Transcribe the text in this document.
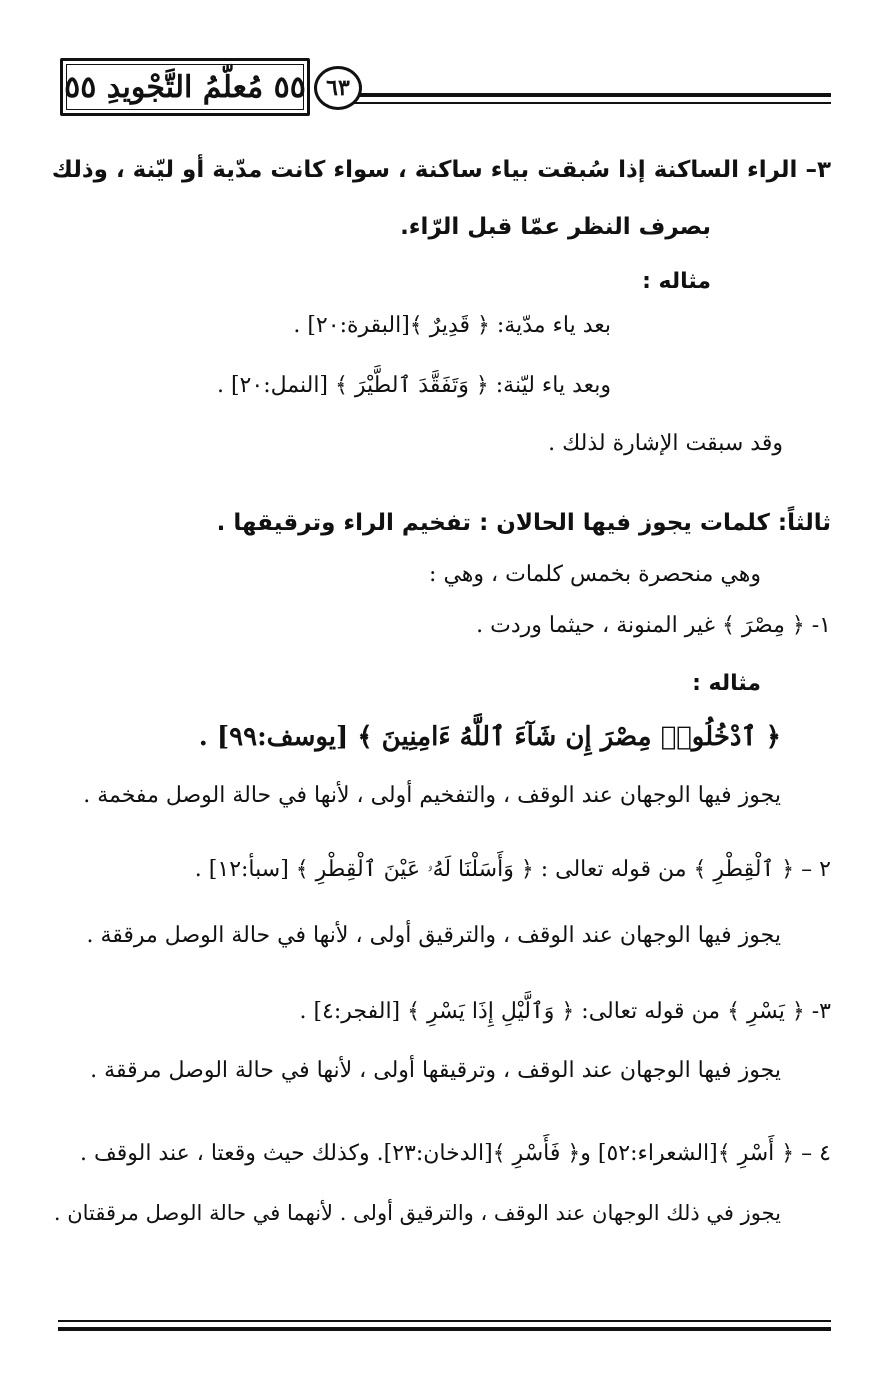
٥٥ مُعلّمُ التَّجْويدِ ٥٥ ٦٣
٣– الراء الساكنة إذا سُبقت بياء ساكنة ، سواء كانت مدّية أو ليّنة ، وذلك
بصرف النظر عمّا قبل الرّاء.
مثاله :
بعد ياء مدّية: ﴿ قَدِيرٌ ﴾[البقرة:٢٠] .
وبعد ياء ليّنة: ﴿ وَتَفَقَّدَ ٱلطَّيْرَ ﴾ [النمل:٢٠] .
وقد سبقت الإشارة لذلك .
ثالثاً: كلمات يجوز فيها الحالان : تفخيم الراء وترقيقها .
وهي منحصرة بخمس كلمات ، وهي :
١- ﴿ مِصْرَ ﴾ غير المنونة ، حيثما وردت .
مثاله :
﴿ ٱدْخُلُوا۟ مِصْرَ إِن شَآءَ ٱللَّهُ ءَامِنِينَ ﴾ [يوسف:٩٩] .
يجوز فيها الوجهان عند الوقف ، والتفخيم أولى ، لأنها في حالة الوصل مفخمة .
٢ – ﴿ ٱلْقِطْرِ ﴾ من قوله تعالى : ﴿ وَأَسَلْنَا لَهُۥ عَيْنَ ٱلْقِطْرِ ﴾ [سبأ:١٢] .
يجوز فيها الوجهان عند الوقف ، والترقيق أولى ، لأنها في حالة الوصل مرققة .
٣- ﴿ يَسْرِ ﴾ من قوله تعالى: ﴿ وَٱلَّيْلِ إِذَا يَسْرِ ﴾ [الفجر:٤] .
يجوز فيها الوجهان عند الوقف ، وترقيقها أولى ، لأنها في حالة الوصل مرققة .
٤ – ﴿ أَسْرِ ﴾[الشعراء:٥٢] و﴿ فَأَسْرِ ﴾[الدخان:٢٣]. وكذلك حيث وقعتا ، عند الوقف .
يجوز في ذلك الوجهان عند الوقف ، والترقيق أولى . لأنهما في حالة الوصل مرققتان .
